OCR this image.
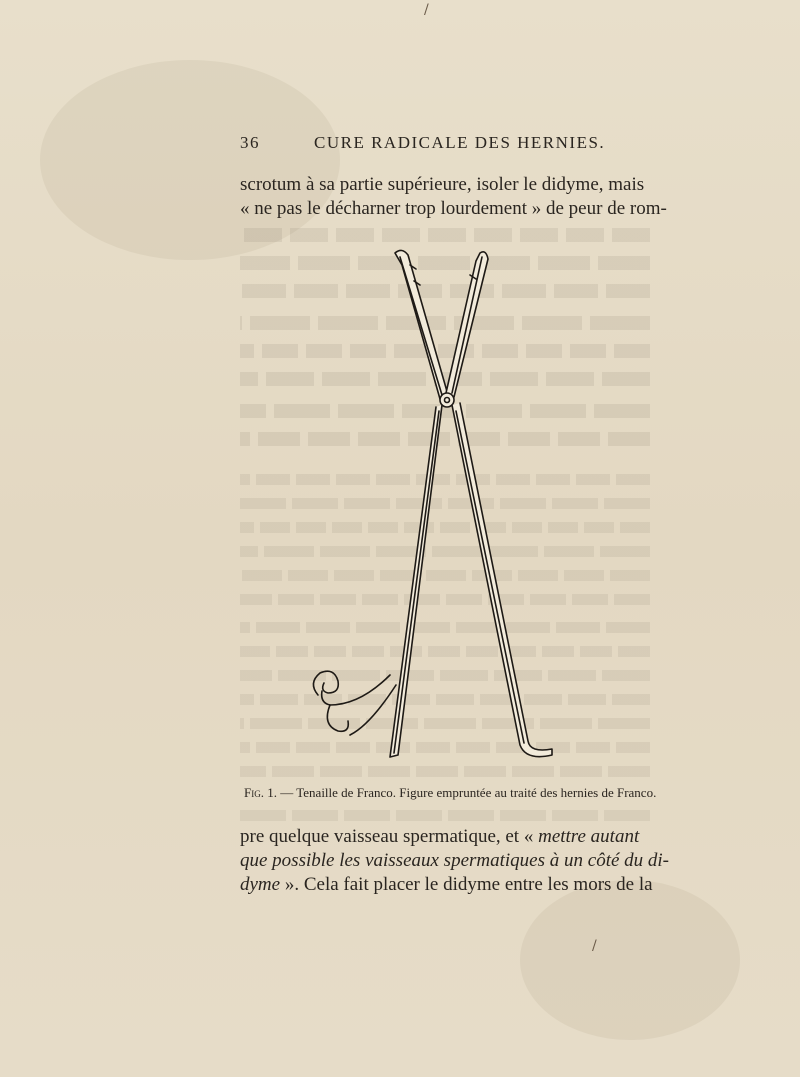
/
/
36	CURE RADICALE DES HERNIES.
scrotum à sa partie supérieure, isoler le didyme, mais
« ne pas le décharner trop lourdement » de peur de rom-
Fig. 1. — Tenaille de Franco. Figure empruntée au traité des hernies de Franco.
pre quelque vaisseau spermatique, et « mettre autant
que possible les vaisseaux spermatiques à un côté du di-
dyme ». Cela fait placer le didyme entre les mors de la
